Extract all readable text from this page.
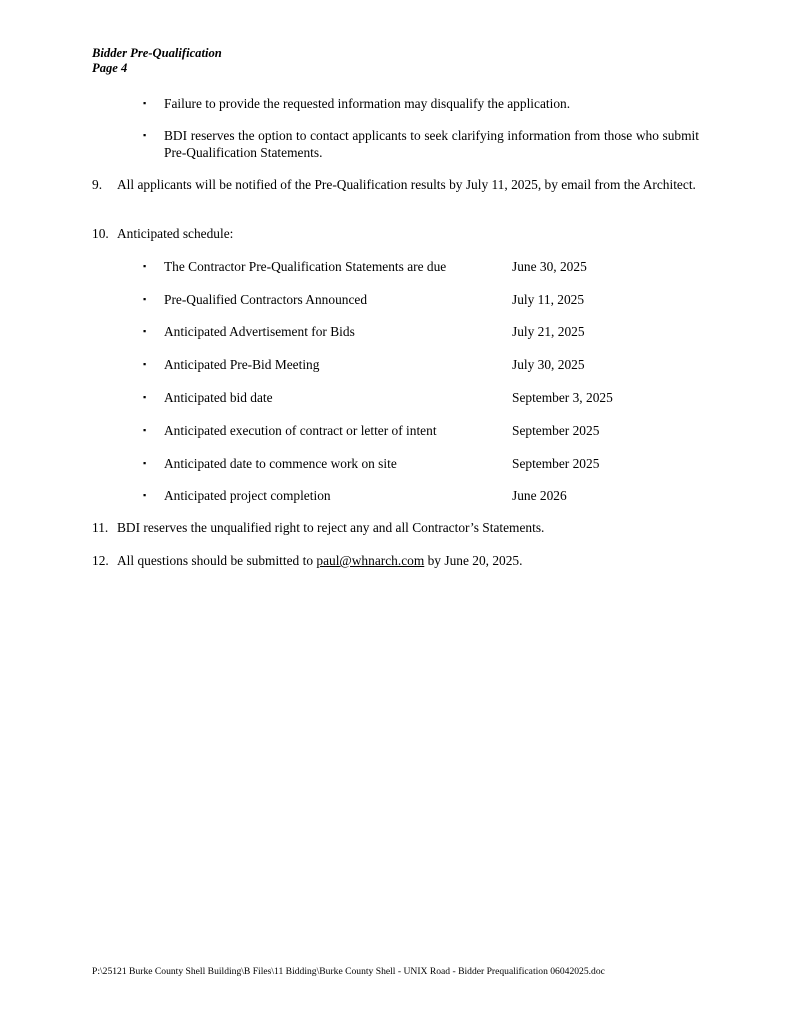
Bidder Pre-Qualification
Page 4
▪	Failure to provide the requested information may disqualify the application.
▪	BDI reserves the option to contact applicants to seek clarifying information from those who submit Pre-Qualification Statements.
9. All applicants will be notified of the Pre-Qualification results by July 11, 2025, by email from the Architect.
10. Anticipated schedule:
▪ The Contractor Pre-Qualification Statements are due	June 30, 2025
▪ Pre-Qualified Contractors Announced	July 11, 2025
▪ Anticipated Advertisement for Bids	July 21, 2025
▪ Anticipated Pre-Bid Meeting	July 30, 2025
▪ Anticipated bid date	September 3, 2025
▪ Anticipated execution of contract or letter of intent	September 2025
▪ Anticipated date to commence work on site	September 2025
▪ Anticipated project completion	June 2026
11. BDI reserves the unqualified right to reject any and all Contractor’s Statements.
12. All questions should be submitted to paul@whnarch.com by June 20, 2025.
P:\25121 Burke County Shell Building\B Files\11 Bidding\Burke County Shell - UNIX Road - Bidder Prequalification 06042025.doc
